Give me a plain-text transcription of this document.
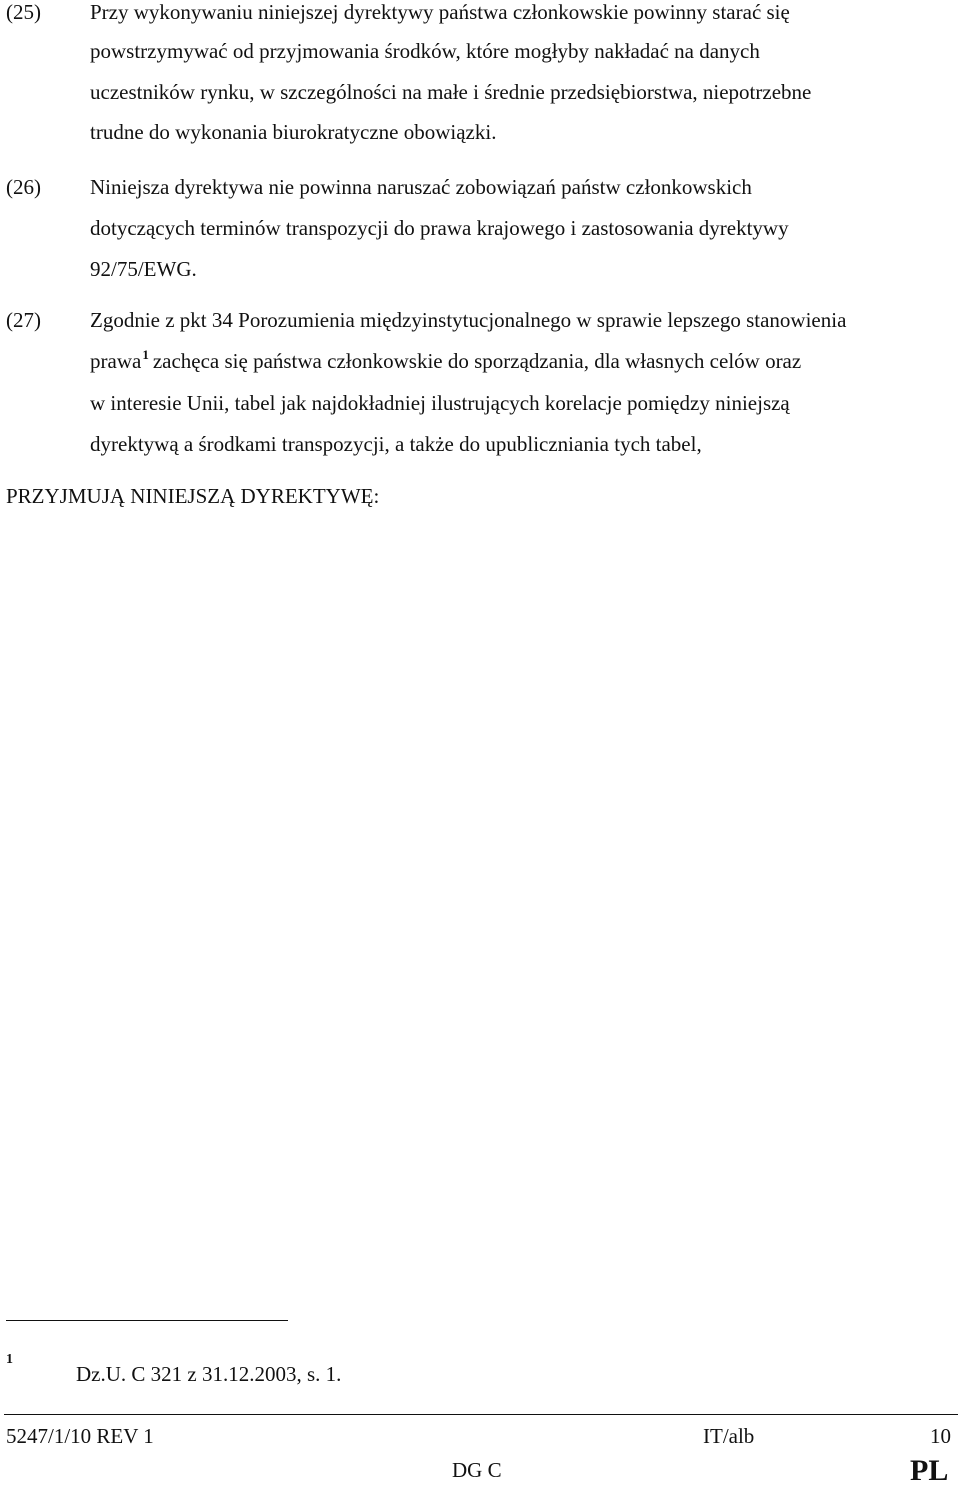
(25) Przy wykonywaniu niniejszej dyrektywy państwa członkowskie powinny starać się
powstrzymywać od przyjmowania środków, które mogłyby nakładać na danych
uczestników rynku, w szczególności na małe i średnie przedsiębiorstwa, niepotrzebne
trudne do wykonania biurokratyczne obowiązki.
(26) Niniejsza dyrektywa nie powinna naruszać zobowiązań państw członkowskich
dotyczących terminów transpozycji do prawa krajowego i zastosowania dyrektywy
92/75/EWG.
(27) Zgodnie z pkt 34 Porozumienia międzyinstytucjonalnego w sprawie lepszego stanowienia
prawa$^1$ zachęca się państwa członkowskie do sporządzania, dla własnych celów oraz
w interesie Unii, tabel jak najdokładniej ilustrujących korelacje pomiędzy niniejszą
dyrektywą a środkami transpozycji, a także do upubliczniania tych tabel,
PRZYJMUJĄ NINIEJSZĄ DYREKTYWĘ:
1
Dz.U. C 321 z 31.12.2003, s. 1.
5247/1/10 REV 1	IT/alb	10
DG C	PL
